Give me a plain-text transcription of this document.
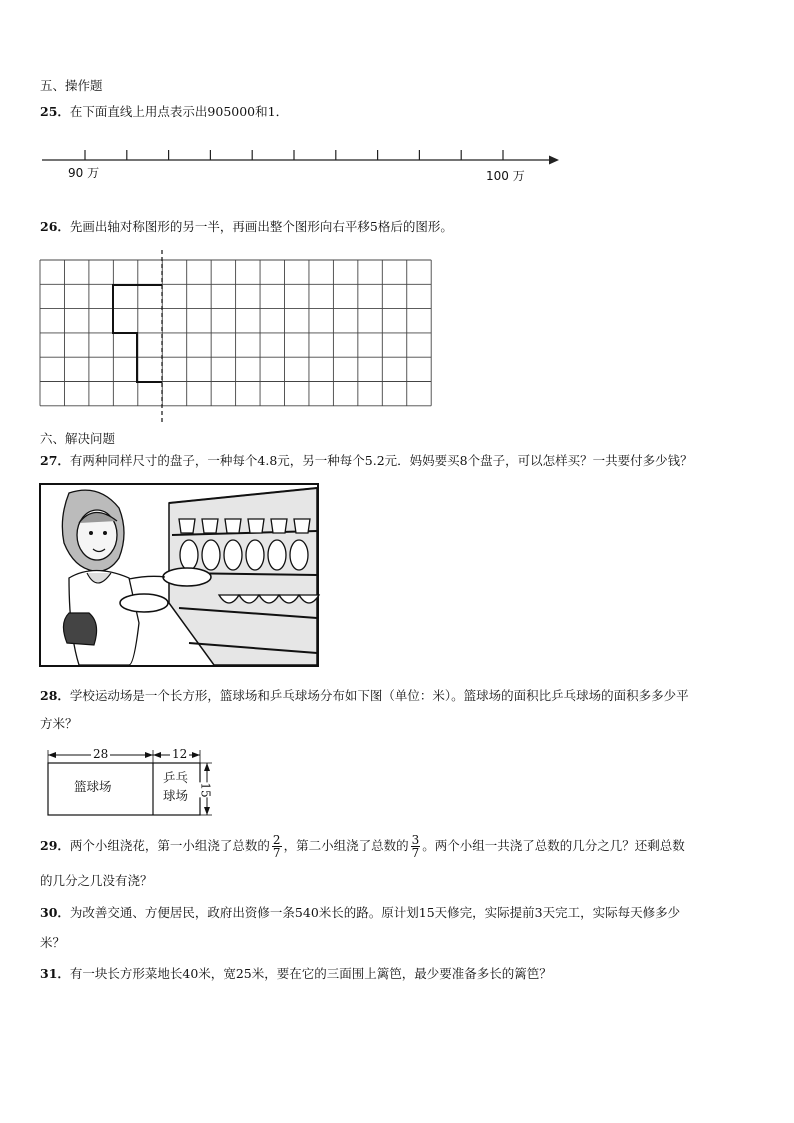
五、操作题
25．在下面直线上用点表示出905000和1．
90 万	100 万
26．先画出轴对称图形的另一半，再画出整个图形向右平移5格后的图形。
六、解决问题
27．有两种同样尺寸的盘子，一种每个4.8元，另一种每个5.2元．妈妈要买8个盘子，可以怎样买？一共要付多少钱？
28．学校运动场是一个长方形，篮球场和乒乓球场分布如下图（单位：米）。篮球场的面积比乒乓球场的面积多多少平
方米？
28	12
15
篮球场
乒乓
球场
29．两个小组浇花，第一小组浇了总数的 $\frac{2}{7}$ ，第二小组浇了总数的 $\frac{3}{7}$ 。两个小组一共浇了总数的几分之几？还剩总数
的几分之几没有浇？
30．为改善交通、方便居民，政府出资修一条540米长的路。原计划15天修完，实际提前3天完工，实际每天修多少
米？
31．有一块长方形菜地长40米，宽25米，要在它的三面围上篱笆，最少要准备多长的篱笆？
